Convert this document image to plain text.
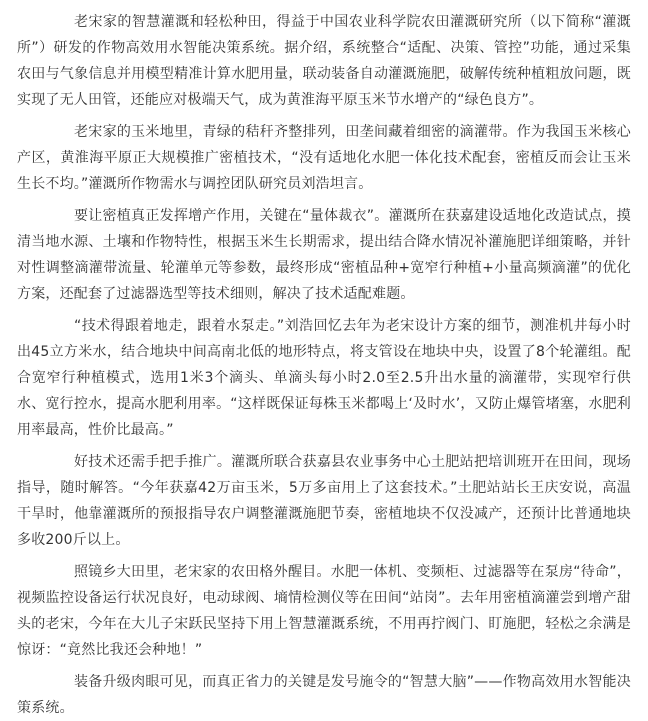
老宋家的智慧灌溉和轻松种田，得益于中国农业科学院农田灌溉研究所（以下简称“灌溉所”）研发的作物高效用水智能决策系统。据介绍，系统整合“适配、决策、管控”功能，通过采集农田与气象信息并用模型精准计算水肥用量，联动装备自动灌溉施肥，破解传统种植粗放问题，既实现了无人田管，还能应对极端天气，成为黄淮海平原玉米节水增产的“绿色良方”。

老宋家的玉米地里，青绿的秸秆齐整排列，田垄间藏着细密的滴灌带。作为我国玉米核心产区，黄淮海平原正大规模推广密植技术，“没有适地化水肥一体化技术配套，密植反而会让玉米生长不均。”灌溉所作物需水与调控团队研究员刘浩坦言。

要让密植真正发挥增产作用，关键在“量体裁衣”。灌溉所在获嘉建设适地化改造试点，摸清当地水源、土壤和作物特性，根据玉米生长期需求，提出结合降水情况补灌施肥详细策略，并针对性调整滴灌带流量、轮灌单元等参数，最终形成“密植品种+宽窄行种植+小量高频滴灌”的优化方案，还配套了过滤器选型等技术细则，解决了技术适配难题。

“技术得跟着地走，跟着水泵走。”刘浩回忆去年为老宋设计方案的细节，测准机井每小时出45立方米水，结合地块中间高南北低的地形特点，将支管设在地块中央，设置了8个轮灌组。配合宽窄行种植模式，选用1米3个滴头、单滴头每小时2.0至2.5升出水量的滴灌带，实现窄行供水、宽行控水，提高水肥利用率。“这样既保证每株玉米都喝上‘及时水’，又防止爆管堵塞，水肥利用率最高，性价比最高。”

好技术还需手把手推广。灌溉所联合获嘉县农业事务中心土肥站把培训班开在田间，现场指导，随时解答。“今年获嘉42万亩玉米，5万多亩用上了这套技术。”土肥站站长王庆安说，高温干旱时，他靠灌溉所的预报指导农户调整灌溉施肥节奏，密植地块不仅没减产，还预计比普通地块多收200斤以上。

照镜乡大田里，老宋家的农田格外醒目。水肥一体机、变频柜、过滤器等在泵房“待命”，视频监控设备运行状况良好，电动球阀、墒情检测仪等在田间“站岗”。去年用密植滴灌尝到增产甜头的老宋，今年在大儿子宋跃民坚持下用上智慧灌溉系统，不用再拧阀门、盯施肥，轻松之余满是惊讶：“竟然比我还会种地！”

装备升级肉眼可见，而真正省力的关键是发号施令的“智慧大脑”——作物高效用水智能决策系统。
